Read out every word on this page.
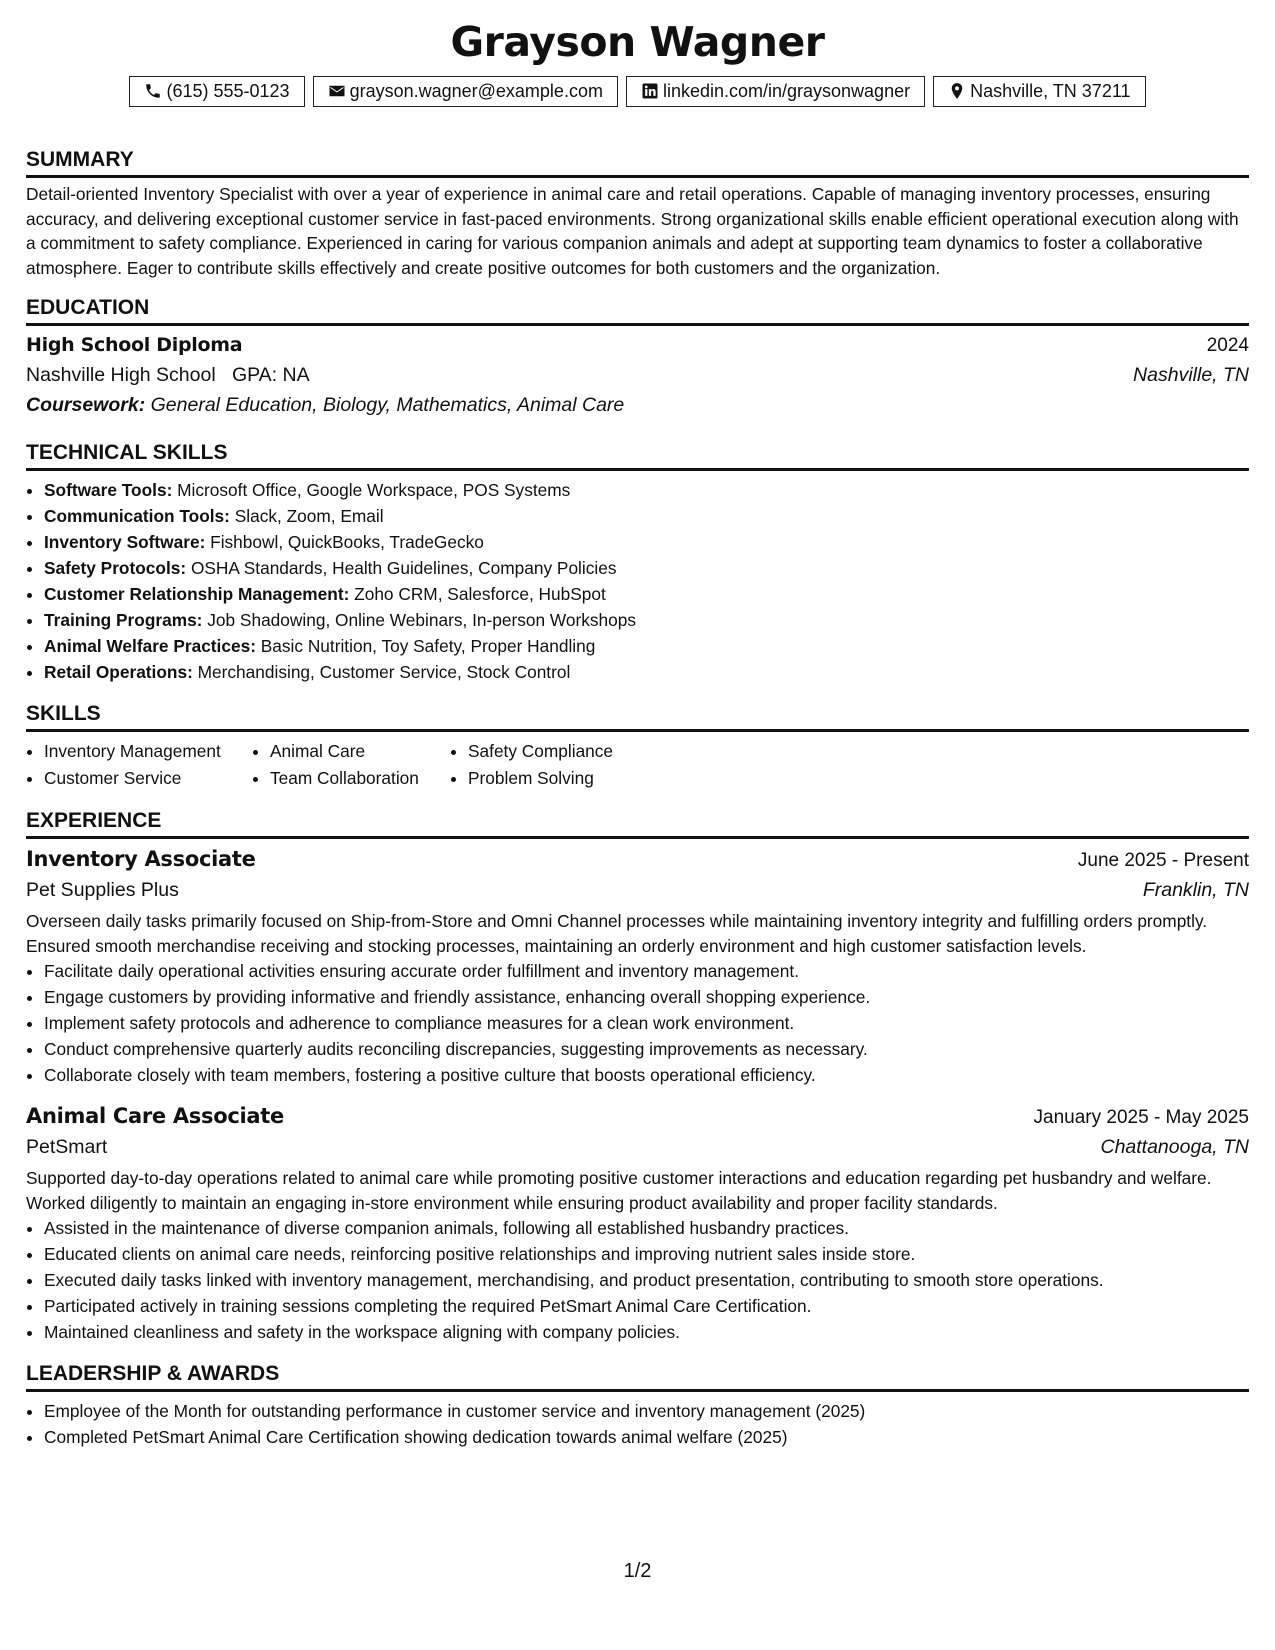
Grayson Wagner
(615) 555-0123	grayson.wagner@example.com	linkedin.com/in/graysonwagner	Nashville, TN 37211
SUMMARY

Detail-oriented Inventory Specialist with over a year of experience in animal care and retail operations. Capable of managing inventory processes, ensuring accuracy, and delivering exceptional customer service in fast-paced environments. Strong organizational skills enable efficient operational execution along with a commitment to safety compliance. Experienced in caring for various companion animals and adept at supporting team dynamics to foster a collaborative atmosphere. Eager to contribute skills effectively and create positive outcomes for both customers and the organization.

EDUCATION
High School Diploma	2024
Nashville High School GPA: NA	Nashville, TN
Coursework: General Education, Biology, Mathematics, Animal Care
TECHNICAL SKILLS
• Software Tools: Microsoft Office, Google Workspace, POS Systems
• Communication Tools: Slack, Zoom, Email
• Inventory Software: Fishbowl, QuickBooks, TradeGecko
• Safety Protocols: OSHA Standards, Health Guidelines, Company Policies
• Customer Relationship Management: Zoho CRM, Salesforce, HubSpot
• Training Programs: Job Shadowing, Online Webinars, In-person Workshops
• Animal Welfare Practices: Basic Nutrition, Toy Safety, Proper Handling
• Retail Operations: Merchandising, Customer Service, Stock Control
SKILLS
Inventory Management	Animal Care	Safety Compliance
Customer Service	Team Collaboration	Problem Solving
EXPERIENCE
Inventory Associate	June 2025 - Present
Pet Supplies Plus	Franklin, TN

Overseen daily tasks primarily focused on Ship-from-Store and Omni Channel processes while maintaining inventory integrity and fulfilling orders promptly. Ensured smooth merchandise receiving and stocking processes, maintaining an orderly environment and high customer satisfaction levels.

• Facilitate daily operational activities ensuring accurate order fulfillment and inventory management.
• Engage customers by providing informative and friendly assistance, enhancing overall shopping experience.
• Implement safety protocols and adherence to compliance measures for a clean work environment.
• Conduct comprehensive quarterly audits reconciling discrepancies, suggesting improvements as necessary.
• Collaborate closely with team members, fostering a positive culture that boosts operational efficiency.
Animal Care Associate	January 2025 - May 2025
PetSmart	Chattanooga, TN

Supported day-to-day operations related to animal care while promoting positive customer interactions and education regarding pet husbandry and welfare. Worked diligently to maintain an engaging in-store environment while ensuring product availability and proper facility standards.

• Assisted in the maintenance of diverse companion animals, following all established husbandry practices.
• Educated clients on animal care needs, reinforcing positive relationships and improving nutrient sales inside store.
• Executed daily tasks linked with inventory management, merchandising, and product presentation, contributing to smooth store operations.
• Participated actively in training sessions completing the required PetSmart Animal Care Certification.
• Maintained cleanliness and safety in the workspace aligning with company policies.
LEADERSHIP & AWARDS
• Employee of the Month for outstanding performance in customer service and inventory management (2025)
• Completed PetSmart Animal Care Certification showing dedication towards animal welfare (2025)
1/2
